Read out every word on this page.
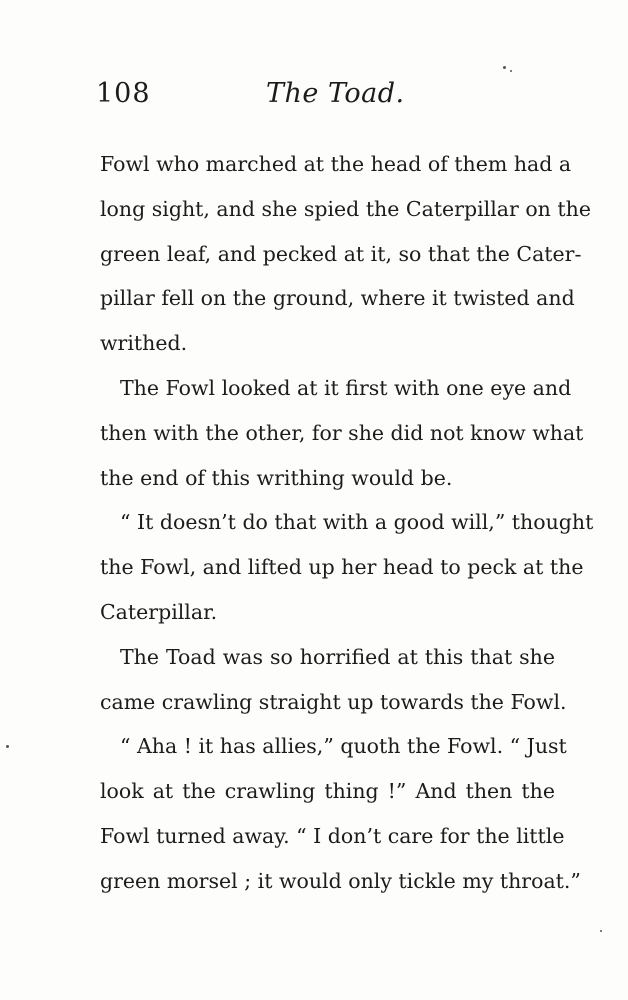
108	The Toad.

Fowl who marched at the head of them had a
long sight, and she spied the Caterpillar on the
green leaf, and pecked at it, so that the Cater-
pillar fell on the ground, where it twisted and
writhed.

The Fowl looked at it first with one eye and
then with the other, for she did not know what
the end of this writhing would be.

“ It doesn’t do that with a good will,” thought
the Fowl, and lifted up her head to peck at the
Caterpillar.

The Toad was so horrified at this that she
came crawling straight up towards the Fowl.

“ Aha ! it has allies,” quoth the Fowl. “ Just
look at the crawling thing !” And then the
Fowl turned away. “ I don’t care for the little
green morsel ; it would only tickle my throat.”
